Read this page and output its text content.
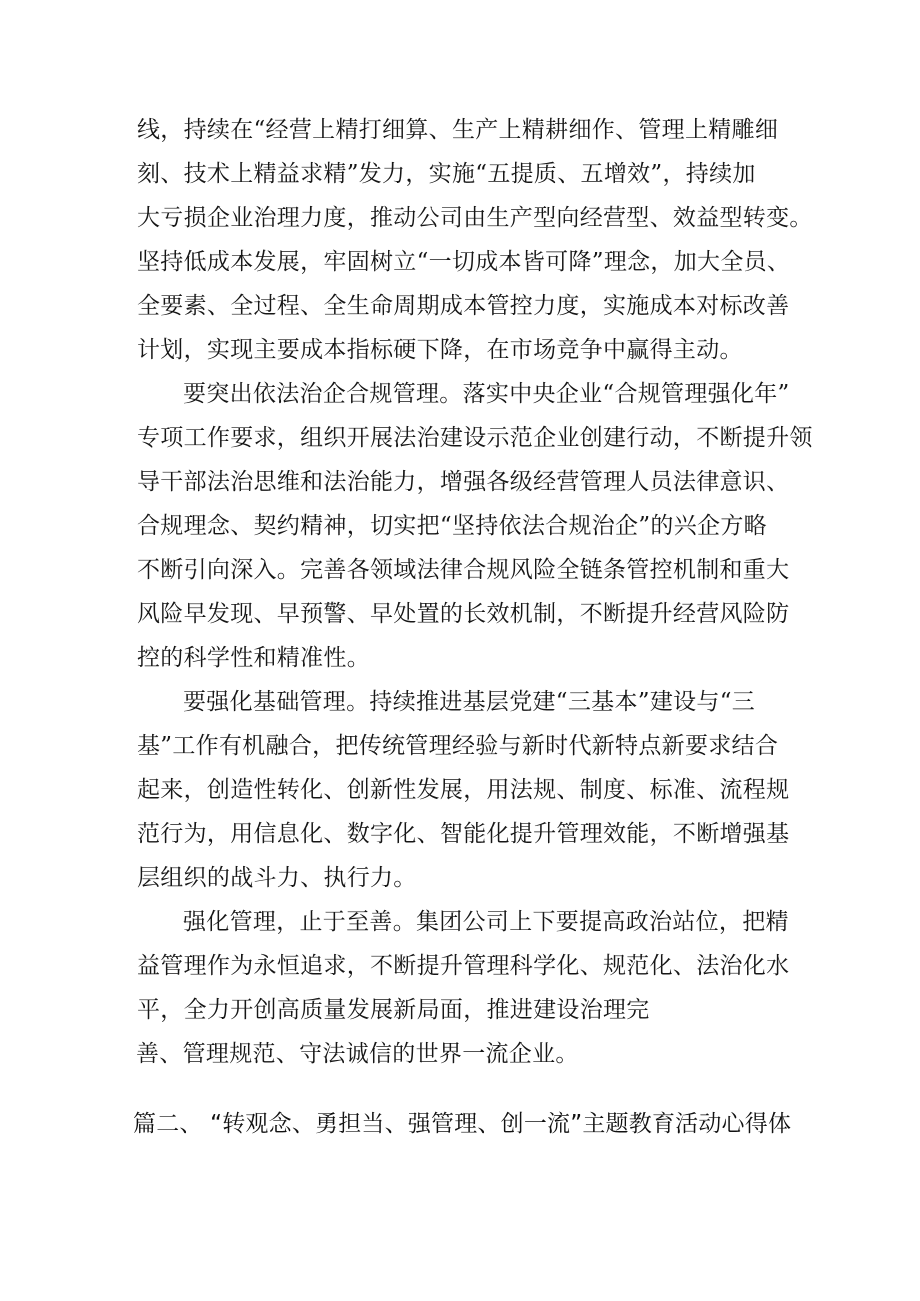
线，持续在“经营上精打细算、生产上精耕细作、管理上精雕细
刻、技术上精益求精”发力，实施“五提质、五增效”，持续加
大亏损企业治理力度，推动公司由生产型向经营型、效益型转变。
坚持低成本发展，牢固树立“一切成本皆可降”理念，加大全员、
全要素、全过程、全生命周期成本管控力度，实施成本对标改善
计划，实现主要成本指标硬下降，在市场竞争中赢得主动。
要突出依法治企合规管理。落实中央企业“合规管理强化年”
专项工作要求，组织开展法治建设示范企业创建行动，不断提升领
导干部法治思维和法治能力，增强各级经营管理人员法律意识、
合规理念、契约精神，切实把“坚持依法合规治企”的兴企方略
不断引向深入。完善各领域法律合规风险全链条管控机制和重大
风险早发现、早预警、早处置的长效机制，不断提升经营风险防
控的科学性和精准性。
要强化基础管理。持续推进基层党建“三基本”建设与“三
基”工作有机融合，把传统管理经验与新时代新特点新要求结合
起来，创造性转化、创新性发展，用法规、制度、标准、流程规
范行为，用信息化、数字化、智能化提升管理效能，不断增强基
层组织的战斗力、执行力。
强化管理，止于至善。集团公司上下要提高政治站位，把精
益管理作为永恒追求，不断提升管理科学化、规范化、法治化水
平，全力开创高质量发展新局面，推进建设治理完
善、管理规范、守法诚信的世界一流企业。
篇二、 “转观念、勇担当、强管理、创一流”主题教育活动心得体
